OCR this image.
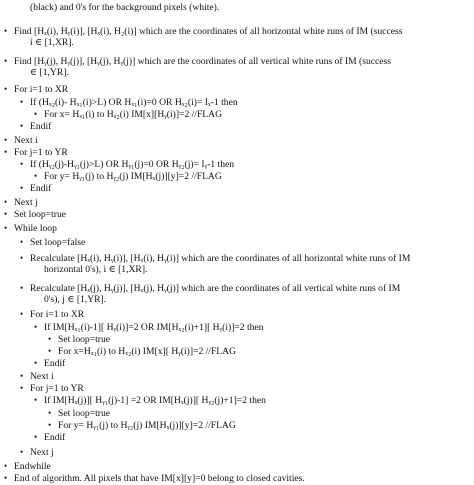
(black) and 0's for the background pixels (white).
• Find [Hₓ(i), Hᵧ(i)], [Hₓ(i), H₂(i)] which are the coordinates of all horizontal white runs of IM (success
i ∈ [1,XR].
• Find [Hᵧ(j), Hᵧ(j)], [Hᵧ(j), Hᵧ(j)] which are the coordinates of all vertical white runs of IM (success
∈ [1,YR].
• For i=1 to XR
• If (Hₓ₂(i)- Hₓ₁(i)>L) OR Hₓ₁(i)=0 OR Hₓ₂(i)= Iₓ-1 then
• For x= Hₓ₁(i) to Hₓ₂(i) IM[x][Hᵧ(i)]=2 //FLAG
• Endif
• Next i
• For j=1 to YR
• If (Hᵧ₂(j)-Hᵧ₁(j)>L) OR Hᵧ₁(j)=0 OR Hᵧ₂(j)= Iᵧ-1 then
• For y= Hᵧ₁(j) to Hᵧ₂(j) IM[Hₓ(j)][y]=2 //FLAG
• Endif
• Next j
• Set loop=true
• While loop
• Set loop=false
• Recalculate [Hₓ(i), Hᵧ(i)], [Hₓ(i), Hᵧ(i)] which are the coordinates of all horizontal white runs of IM
horizontal 0's), i ∈ [1,XR].
• Recalculate [Hₓ(j), Hᵧ(j)], [Hₓ(j), Hᵧ(j)] which are the coordinates of all vertical white runs of IM
0's), j ∈ [1,YR].
• For i=1 to XR
• If IM[Hₓ₁(i)-1][ Hᵧ(i)]=2 OR IM[Hₓ₂(i)+1][ Hᵧ(i)]=2 then
• Set loop=true
• For x=Hₓ₁(i) to Hₓ₂(i) IM[x][ Hᵧ(i)]=2 //FLAG
• Endif
• Next i
• For j=1 to YR
• If IM[Hₓ(j)][ Hᵧ₁(j)-1] =2 OR IM[Hₓ(j)][ Hᵧ₂(j)+1]=2 then
• Set loop=true
• For y= Hᵧ₁(j) to Hᵧ₂(j) IM[Hₓ(j)][y]=2 //FLAG
• Endif
• Next j
• Endwhile
• End of algorithm. All pixels that have IM[x][y]=0 belong to closed cavities.
